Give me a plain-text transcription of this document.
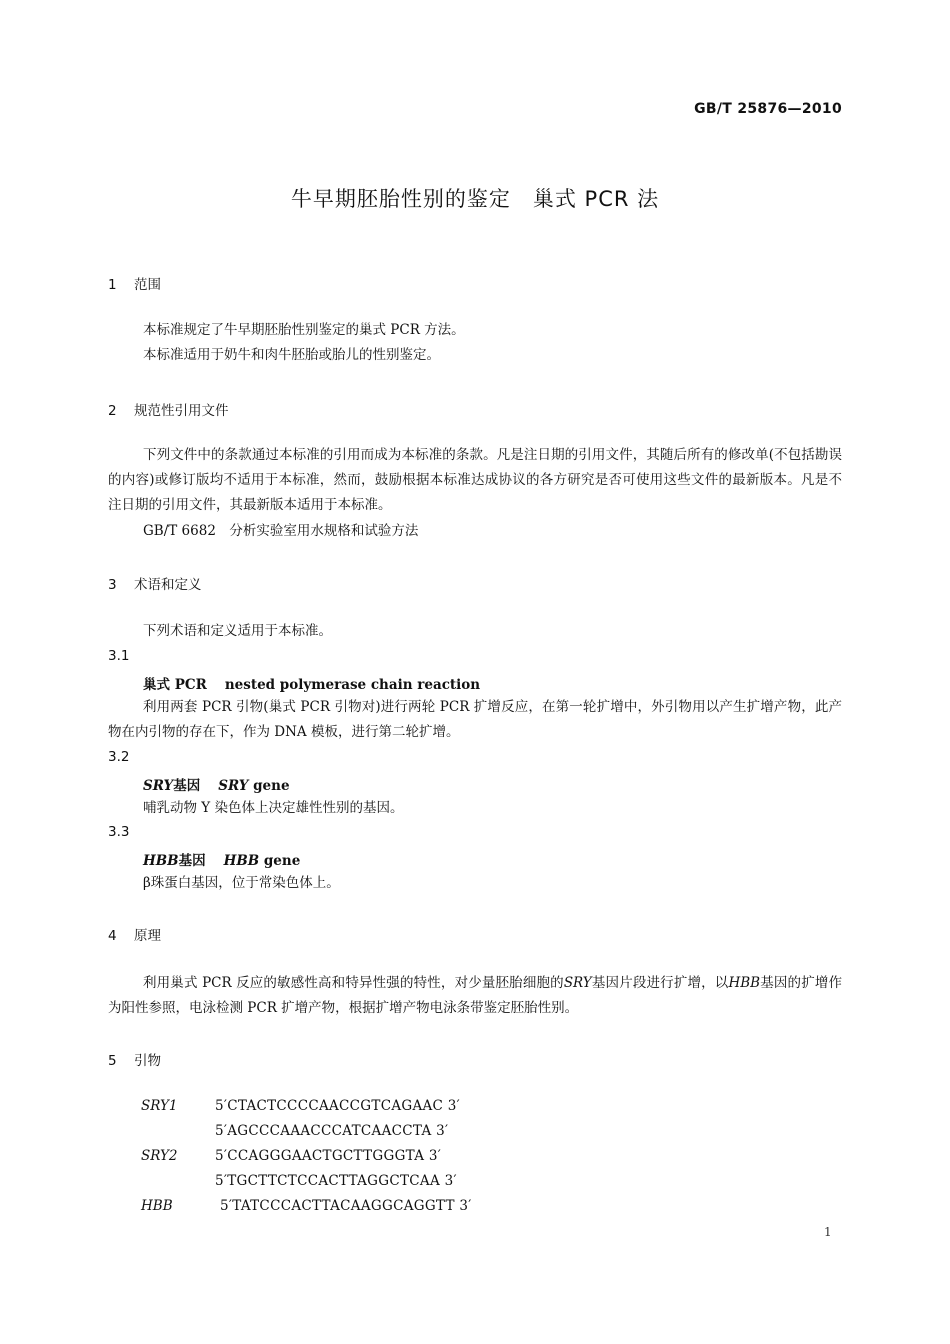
GB/T 25876—2010
牛早期胚胎性别的鉴定　巢式 PCR 法
1 范围
本标准规定了牛早期胚胎性别鉴定的巢式 PCR 方法。
本标准适用于奶牛和肉牛胚胎或胎儿的性别鉴定。
2 规范性引用文件
下列文件中的条款通过本标准的引用而成为本标准的条款。凡是注日期的引用文件，其随后所有的修改单(不包括勘误的内容)或修订版均不适用于本标准，然而，鼓励根据本标准达成协议的各方研究是否可使用这些文件的最新版本。凡是不注日期的引用文件，其最新版本适用于本标准。
GB/T 6682　分析实验室用水规格和试验方法
3 术语和定义
下列术语和定义适用于本标准。
3.1
巢式 PCR nested polymerase chain reaction
利用两套 PCR 引物(巢式 PCR 引物对)进行两轮 PCR 扩增反应，在第一轮扩增中，外引物用以产生扩增产物，此产物在内引物的存在下，作为 DNA 模板，进行第二轮扩增。
3.2
SRY基因 SRY gene
哺乳动物 Y 染色体上决定雄性性别的基因。
3.3
HBB基因 HBB gene
β珠蛋白基因，位于常染色体上。
4 原理
利用巢式 PCR 反应的敏感性高和特异性强的特性，对少量胚胎细胞的SRY基因片段进行扩增，以HBB基因的扩增作为阳性参照，电泳检测 PCR 扩增产物，根据扩增产物电泳条带鉴定胚胎性别。
5 引物
SRY1	5′CTACTCCCCAACCGTCAGAAC 3′
5′AGCCCAAACCCATCAACCTA 3′
SRY2	5′CCAGGGAACTGCTTGGGTA 3′
5′TGCTTCTCCACTTAGGCTCAA 3′
HBB	5′TATCCCACTTACAAGGCAGGTT 3′
1
